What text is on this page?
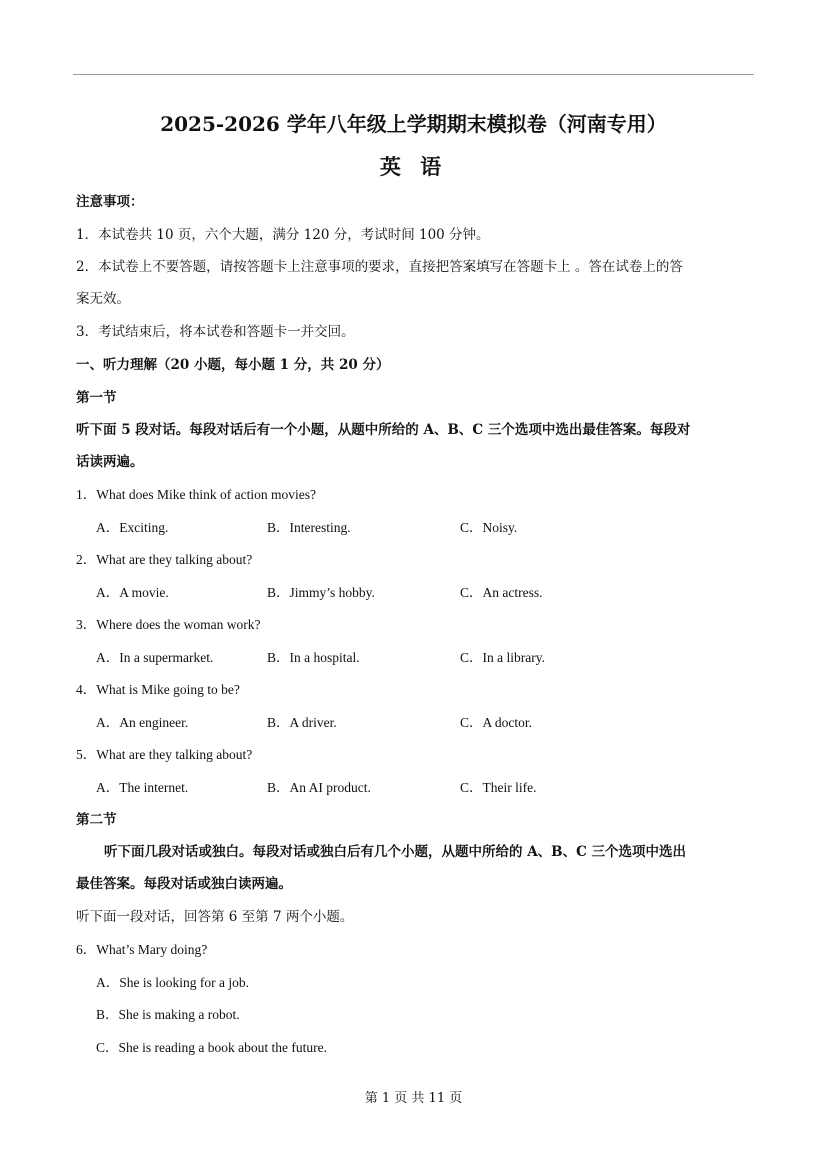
2025-2026 学年八年级上学期期末模拟卷（河南专用）
英 语
注意事项：
1．本试卷共 10 页，六个大题，满分 120 分，考试时间 100 分钟。
2．本试卷上不要答题，请按答题卡上注意事项的要求，直接把答案填写在答题卡上 。答在试卷上的答
案无效。
3．考试结束后，将本试卷和答题卡一并交回。
一、听力理解（20 小题，每小题 1 分，共 20 分）
第一节
听下面 5 段对话。每段对话后有一个小题，从题中所给的 A、B、C 三个选项中选出最佳答案。每段对
话读两遍。
1．What does Mike think of action movies?
A．Exciting.	B．Interesting.	C．Noisy.
2．What are they talking about?
A．A movie.	B．Jimmy’s hobby.	C．An actress.
3．Where does the woman work?
A．In a supermarket.	B．In a hospital.	C．In a library.
4．What is Mike going to be?
A．An engineer.	B．A driver.	C．A doctor.
5．What are they talking about?
A．The internet.	B．An AI product.	C．Their life.
第二节
听下面几段对话或独白。每段对话或独白后有几个小题，从题中所给的 A、B、C 三个选项中选出
最佳答案。每段对话或独白读两遍。
听下面一段对话，回答第 6 至第 7 两个小题。
6．What’s Mary doing?
A．She is looking for a job.
B．She is making a robot.
C．She is reading a book about the future.
第 1 页 共 11 页
